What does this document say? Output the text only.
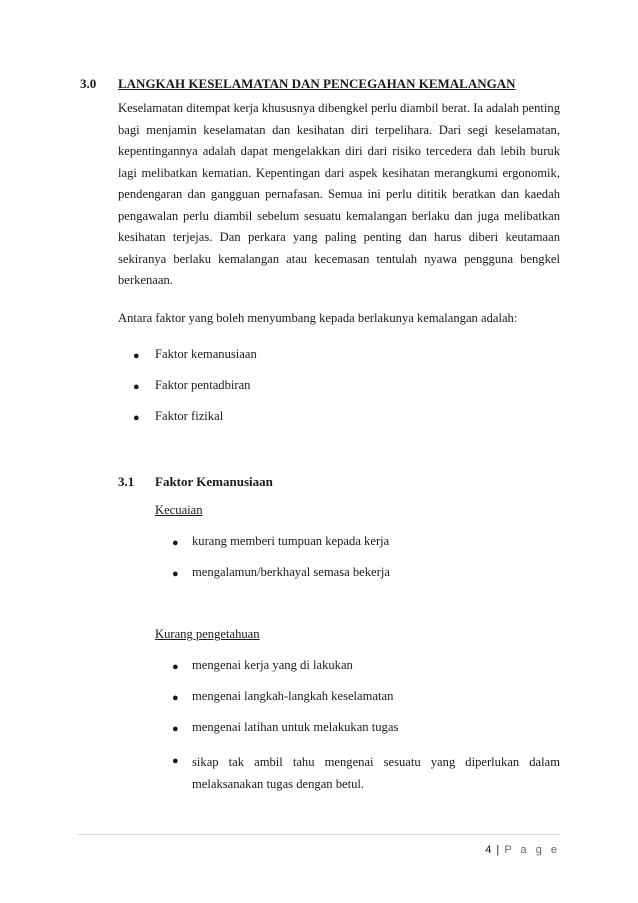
3.0 LANGKAH KESELAMATAN DAN PENCEGAHAN KEMALANGAN

Keselamatan ditempat kerja khususnya dibengkel perlu diambil berat. Ia adalah penting bagi menjamin keselamatan dan kesihatan diri terpelihara. Dari segi keselamatan, kepentingannya adalah dapat mengelakkan diri dari risiko tercedera dah lebih buruk lagi melibatkan kematian. Kepentingan dari aspek kesihatan merangkumi ergonomik, pendengaran dan gangguan pernafasan. Semua ini perlu dititik beratkan dan kaedah pengawalan perlu diambil sebelum sesuatu kemalangan berlaku dan juga melibatkan kesihatan terjejas. Dan perkara yang paling penting dan harus diberi keutamaan sekiranya berlaku kemalangan atau kecemasan tentulah nyawa pengguna bengkel berkenaan.

Antara faktor yang boleh menyumbang kepada berlakunya kemalangan adalah:
● Faktor kemanusiaan
● Faktor pentadbiran
● Faktor fizikal
3.1 Faktor Kemanusiaan
Kecuaian
● kurang memberi tumpuan kepada kerja
● mengalamun/berkhayal semasa bekerja
Kurang pengetahuan
● mengenai kerja yang di lakukan
● mengenai langkah-langkah keselamatan
● mengenai latihan untuk melakukan tugas
● sikap tak ambil tahu mengenai sesuatu yang diperlukan dalam melaksanakan tugas dengan betul.

4 | P a g e
